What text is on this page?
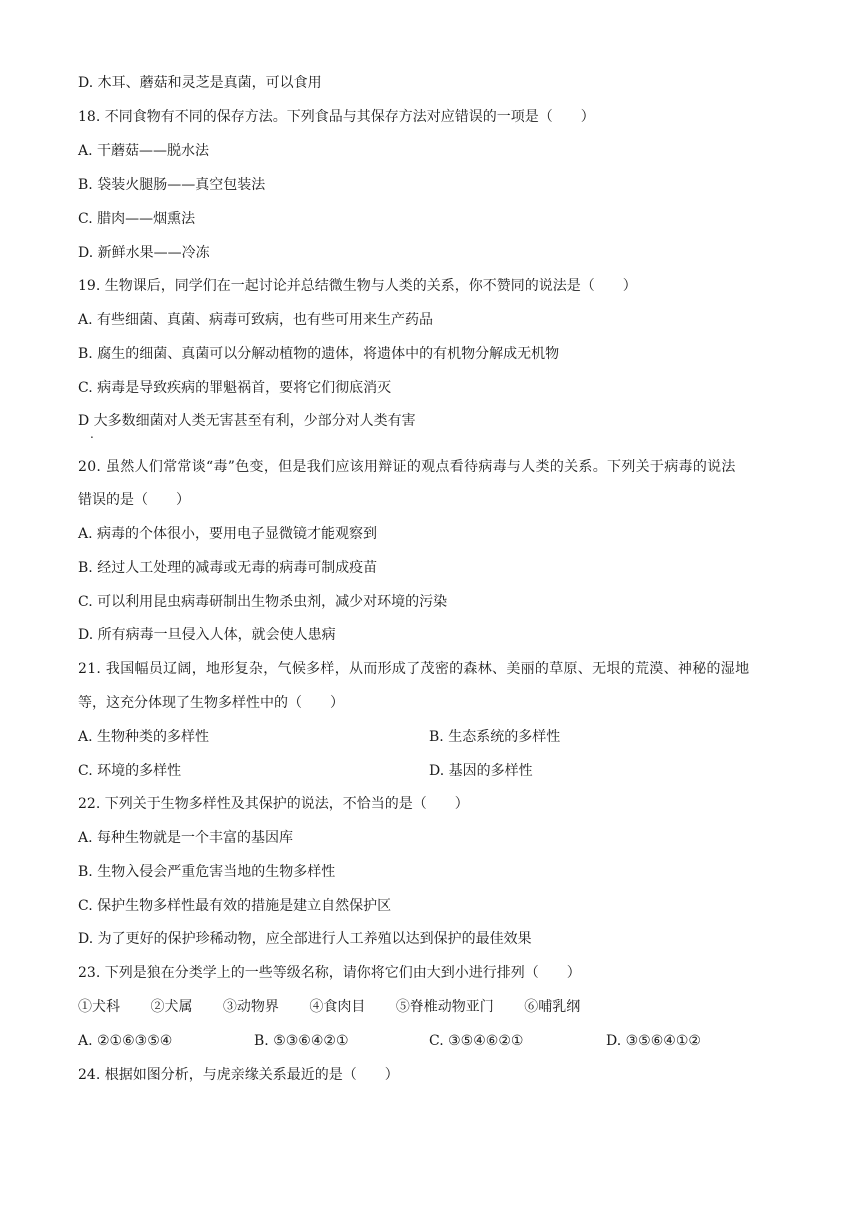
D. 木耳、蘑菇和灵芝是真菌，可以食用
18. 不同食物有不同的保存方法。下列食品与其保存方法对应错误的一项是（　　）
A. 干蘑菇——脱水法
B. 袋装火腿肠——真空包装法
C. 腊肉——烟熏法
D. 新鲜水果——冷冻
19. 生物课后，同学们在一起讨论并总结微生物与人类的关系，你不赞同的说法是（　　）
A. 有些细菌、真菌、病毒可致病，也有些可用来生产药品
B. 腐生的细菌、真菌可以分解动植物的遗体，将遗体中的有机物分解成无机物
C. 病毒是导致疾病的罪魁祸首，要将它们彻底消灭
D 大多数细菌对人类无害甚至有利，少部分对人类有害
.
20. 虽然人们常常谈“毒”色变，但是我们应该用辩证的观点看待病毒与人类的关系。下列关于病毒的说法
错误的是（　　）
A. 病毒的个体很小，要用电子显微镜才能观察到
B. 经过人工处理的减毒或无毒的病毒可制成疫苗
C. 可以利用昆虫病毒研制出生物杀虫剂，减少对环境的污染
D. 所有病毒一旦侵入人体，就会使人患病
21. 我国幅员辽阔，地形复杂，气候多样，从而形成了茂密的森林、美丽的草原、无垠的荒漠、神秘的湿地
等，这充分体现了生物多样性中的（　　）
A. 生物种类的多样性	B. 生态系统的多样性
C. 环境的多样性	D. 基因的多样性
22. 下列关于生物多样性及其保护的说法，不恰当的是（　　）
A. 每种生物就是一个丰富的基因库
B. 生物入侵会严重危害当地的生物多样性
C. 保护生物多样性最有效的措施是建立自然保护区
D. 为了更好的保护珍稀动物，应全部进行人工养殖以达到保护的最佳效果
23. 下列是狼在分类学上的一些等级名称，请你将它们由大到小进行排列（　　）
①犬科 ②犬属 ③动物界 ④食肉目 ⑤脊椎动物亚门 ⑥哺乳纲
A. ②①⑥③⑤④	B. ⑤③⑥④②①	C. ③⑤④⑥②①	D. ③⑤⑥④①②
24. 根据如图分析，与虎亲缘关系最近的是（　　）
